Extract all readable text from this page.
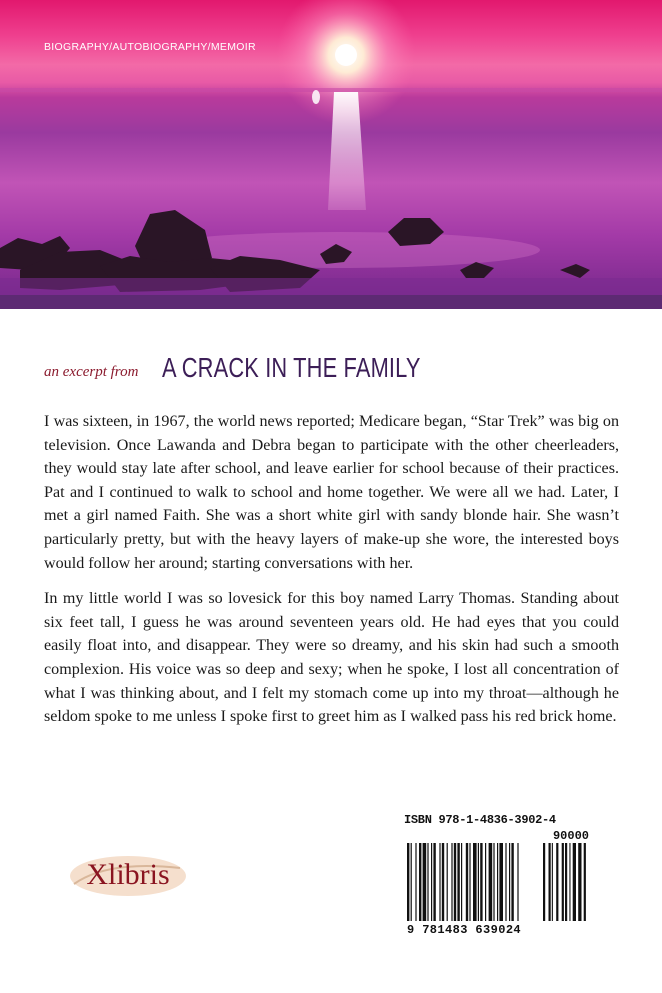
BIOGRAPHY/AUTOBIOGRAPHY/MEMOIR
an excerpt from A CRACK IN THE FAMILY

I was sixteen, in 1967, the world news reported; Medicare began, “Star Trek” was big on television. Once Lawanda and Debra began to participate with the other cheerleaders, they would stay late after school, and leave earlier for school because of their practices. Pat and I continued to walk to school and home together. We were all we had. Later, I met a girl named Faith. She was a short white girl with sandy blonde hair. She wasn’t particularly pretty, but with the heavy layers of make-up she wore, the interested boys would follow her around; starting conversations with her.

In my little world I was so lovesick for this boy named Larry Thomas. Standing about six feet tall, I guess he was around seventeen years old. He had eyes that you could easily float into, and disappear. They were so dreamy, and his skin had such a smooth complexion. His voice was so deep and sexy; when he spoke, I lost all concentration of what I was thinking about, and I felt my stomach come up into my throat—although he seldom spoke to me unless I spoke first to greet him as I walked pass his red brick home.

Xlibris
ISBN 978-1-4836-3902-4
90000
9 781483 639024
